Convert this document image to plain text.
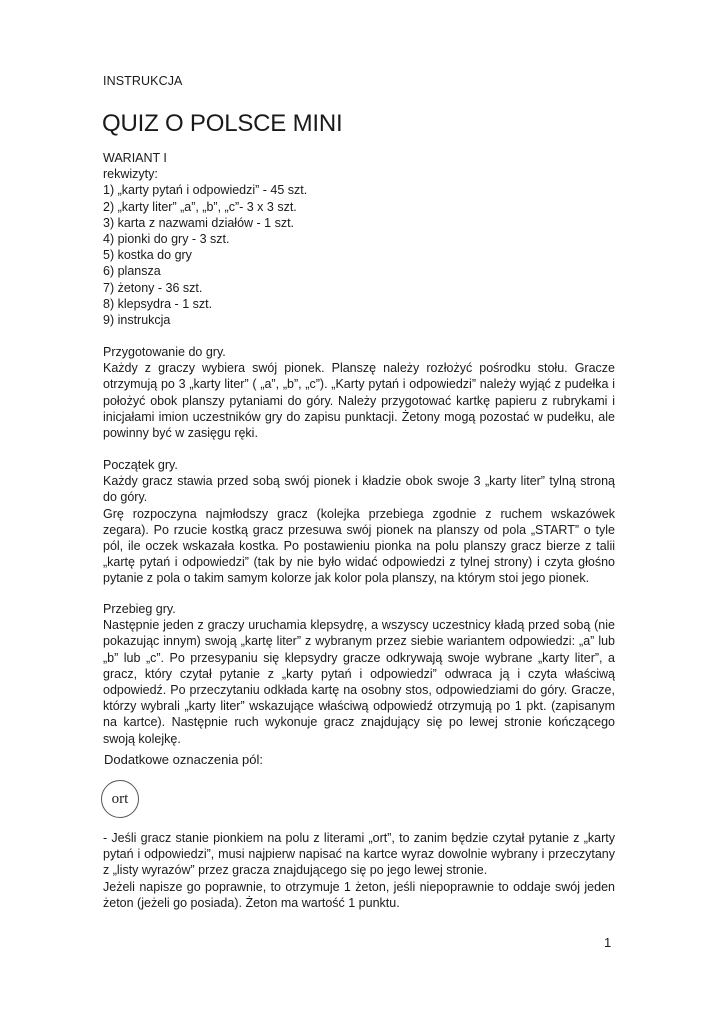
INSTRUKCJA
QUIZ O POLSCE MINI

WARIANT I

rekwizyty:

1) „karty pytań i odpowiedzi” - 45 szt.
2) „karty liter” „a”, „b”, „c”- 3 x 3 szt.
3) karta z nazwami działów - 1 szt.
4) pionki do gry - 3 szt.
5) kostka do gry
6) plansza
7) żetony - 36 szt.
8) klepsydra - 1 szt.
9) instrukcja

Przygotowanie do gry.

Każdy z graczy wybiera swój pionek. Planszę należy rozłożyć pośrodku stołu. Gracze otrzymują po 3 „karty liter” ( „a”, „b”, „c”). „Karty pytań i odpowiedzi” należy wyjąć z pudełka i położyć obok planszy pytaniami do góry. Należy przygotować kartkę papieru z rubrykami i inicjałami imion uczestników gry do zapisu punktacji. Żetony mogą pozostać w pudełku, ale powinny być w zasięgu ręki.

Początek gry.

Każdy gracz stawia przed sobą swój pionek i kładzie obok swoje 3 „karty liter” tylną stroną do góry.

Grę rozpoczyna najmłodszy gracz (kolejka przebiega zgodnie z ruchem wskazówek zegara). Po rzucie kostką gracz przesuwa swój pionek na planszy od pola „START” o tyle pól, ile oczek wskazała kostka. Po postawieniu pionka na polu planszy gracz bierze z talii „kartę pytań i odpowiedzi” (tak by nie było widać odpowiedzi z tylnej strony) i czyta głośno pytanie z pola o takim samym kolorze jak kolor pola planszy, na którym stoi jego pionek.

Przebieg gry.

Następnie jeden z graczy uruchamia klepsydrę, a wszyscy uczestnicy kładą przed sobą (nie pokazując innym) swoją „kartę liter” z wybranym przez siebie wariantem odpowiedzi: „a” lub „b” lub „c”. Po przesypaniu się klepsydry gracze odkrywają swoje wybrane „karty liter”, a gracz, który czytał pytanie z „karty pytań i odpowiedzi” odwraca ją i czyta właściwą odpowiedź. Po przeczytaniu odkłada kartę na osobny stos, odpowiedziami do góry. Gracze, którzy wybrali „karty liter” wskazujące właściwą odpowiedź otrzymują po 1 pkt. (zapisanym na kartce). Następnie ruch wykonuje gracz znajdujący się po lewej stronie kończącego swoją kolejkę.

Dodatkowe oznaczenia pól:
ort

- Jeśli gracz stanie pionkiem na polu z literami „ort”, to zanim będzie czytał pytanie z „karty pytań i odpowiedzi”, musi najpierw napisać na kartce wyraz dowolnie wybrany i przeczytany z „listy wyrazów” przez gracza znajdującego się po jego lewej stronie.

Jeżeli napisze go poprawnie, to otrzymuje 1 żeton, jeśli niepoprawnie to oddaje swój jeden żeton (jeżeli go posiada). Żeton ma wartość 1 punktu.

1
